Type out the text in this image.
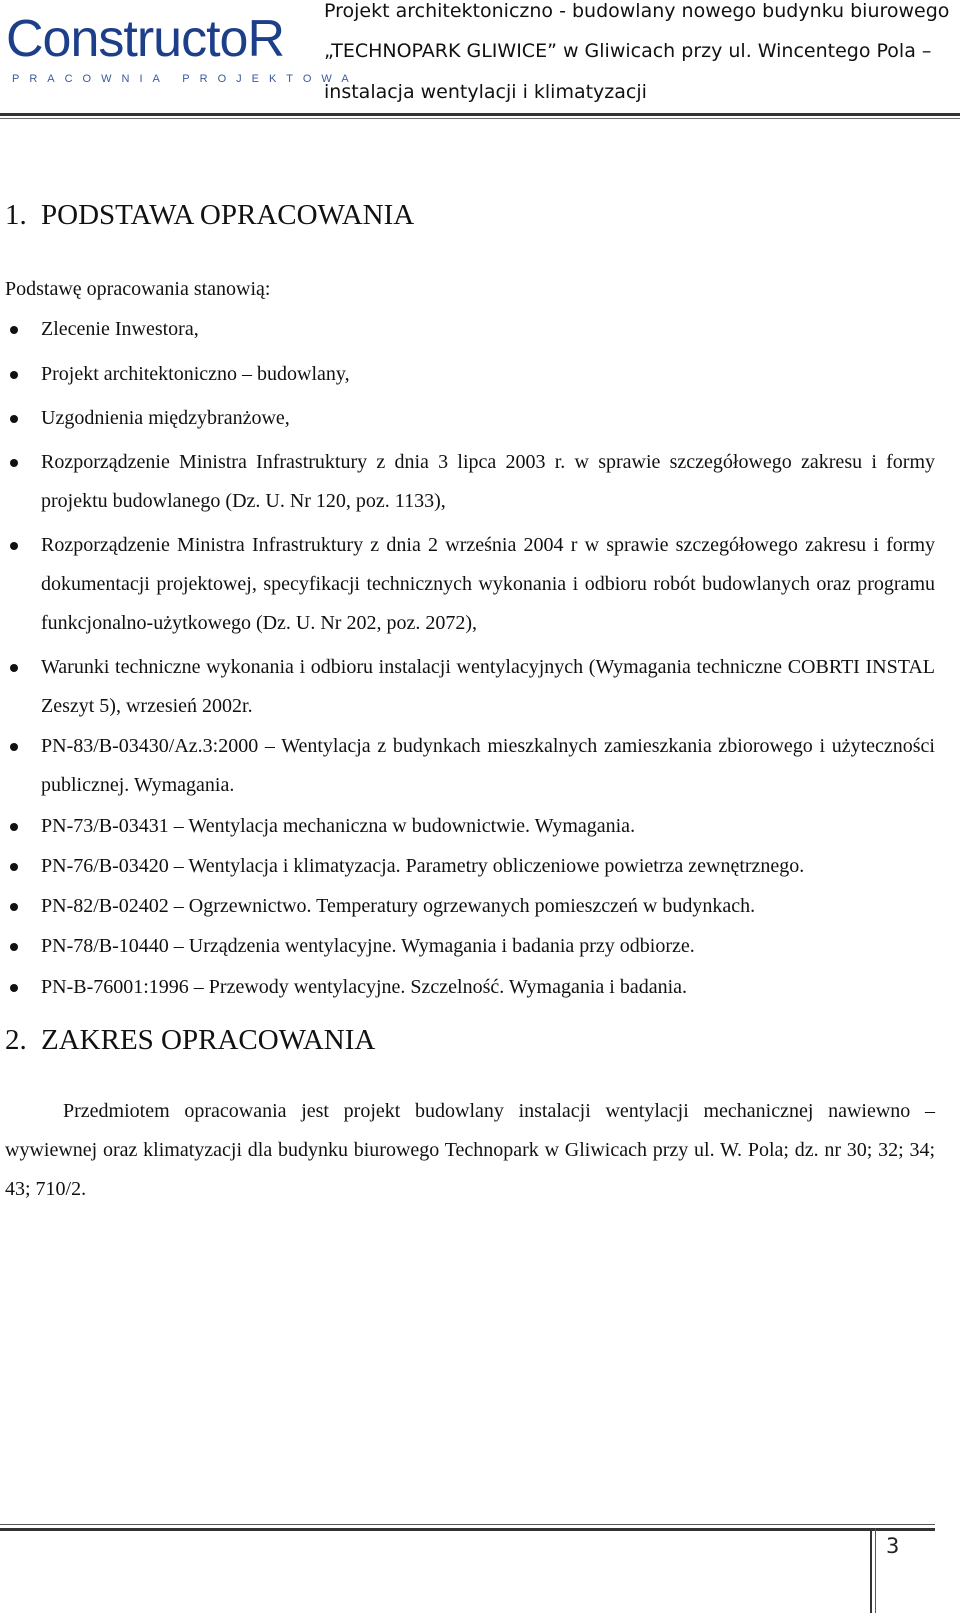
ConstructoR
PRACOWNIA PROJEKTOWA
Projekt architektoniczno - budowlany nowego budynku biurowego
„TECHNOPARK GLIWICE” w Gliwicach przy ul. Wincentego Pola –
instalacja wentylacji i klimatyzacji
1. PODSTAWA OPRACOWANIA
Podstawę opracowania stanowią:
Zlecenie Inwestora,
Projekt architektoniczno – budowlany,
Uzgodnienia międzybranżowe,
Rozporządzenie Ministra Infrastruktury z dnia 3 lipca 2003 r. w sprawie szczegółowego zakresu i formy projektu budowlanego (Dz. U. Nr 120, poz. 1133),
Rozporządzenie Ministra Infrastruktury z dnia 2 września 2004 r w sprawie szczegółowego zakresu i formy dokumentacji projektowej, specyfikacji technicznych wykonania i odbioru robót budowlanych oraz programu funkcjonalno-użytkowego (Dz. U. Nr 202, poz. 2072),
Warunki techniczne wykonania i odbioru instalacji wentylacyjnych (Wymagania techniczne COBRTI INSTAL Zeszyt 5), wrzesień 2002r.
PN-83/B-03430/Az.3:2000 – Wentylacja z budynkach mieszkalnych zamieszkania zbiorowego i użyteczności publicznej. Wymagania.
PN-73/B-03431 – Wentylacja mechaniczna w budownictwie. Wymagania.
PN-76/B-03420 – Wentylacja i klimatyzacja. Parametry obliczeniowe powietrza zewnętrznego.
PN-82/B-02402 – Ogrzewnictwo. Temperatury ogrzewanych pomieszczeń w budynkach.
PN-78/B-10440 – Urządzenia wentylacyjne. Wymagania i badania przy odbiorze.
PN-B-76001:1996 – Przewody wentylacyjne. Szczelność. Wymagania i badania.
2. ZAKRES OPRACOWANIA
Przedmiotem opracowania jest projekt budowlany instalacji wentylacji mechanicznej nawiewno – wywiewnej oraz klimatyzacji dla budynku biurowego Technopark w Gliwicach przy ul. W. Pola; dz. nr 30; 32; 34; 43; 710/2.
3
